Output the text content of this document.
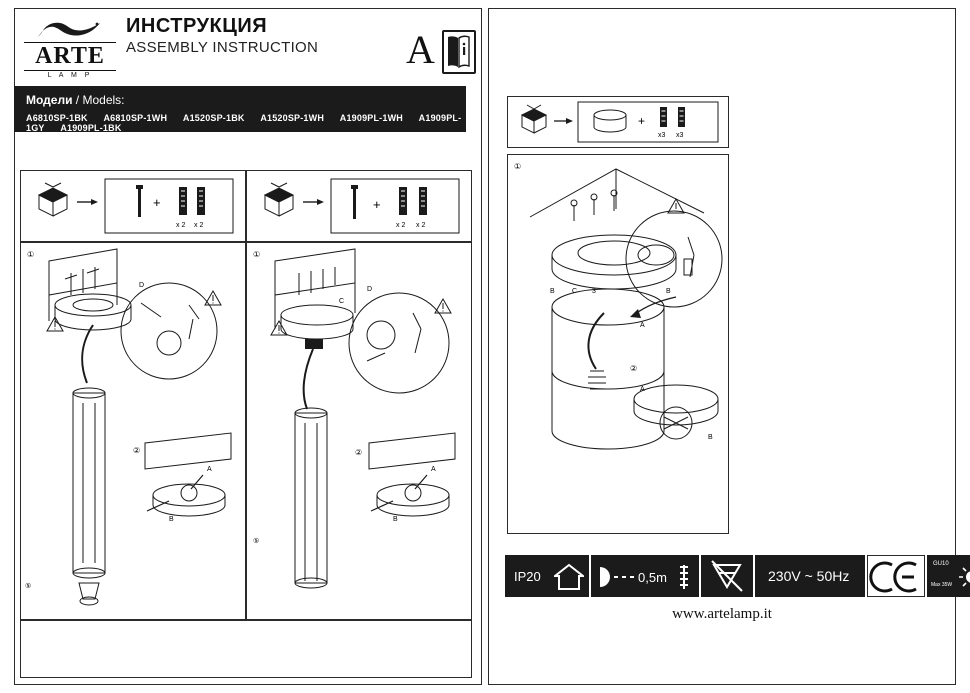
ARTE
L A M P
ИНСТРУКЦИЯ
ASSEMBLY INSTRUCTION A
Модели / Models:
A6810SP-1BK A6810SP-1WH A1520SP-1BK A1520SP-1WH A1909PL-1WH A1909PL-1GY A1909PL-1BK
+
x 2 x 2
+
x 2 x 2
①
⑤
D
②
A
B
①
⑤
C
D
②
A
B
+
x3 x3
①
B C 3	B
A
②
A
B
IP20	0,5m	230V ~ 50Hz
GU10
Max 35W
www.artelamp.it
